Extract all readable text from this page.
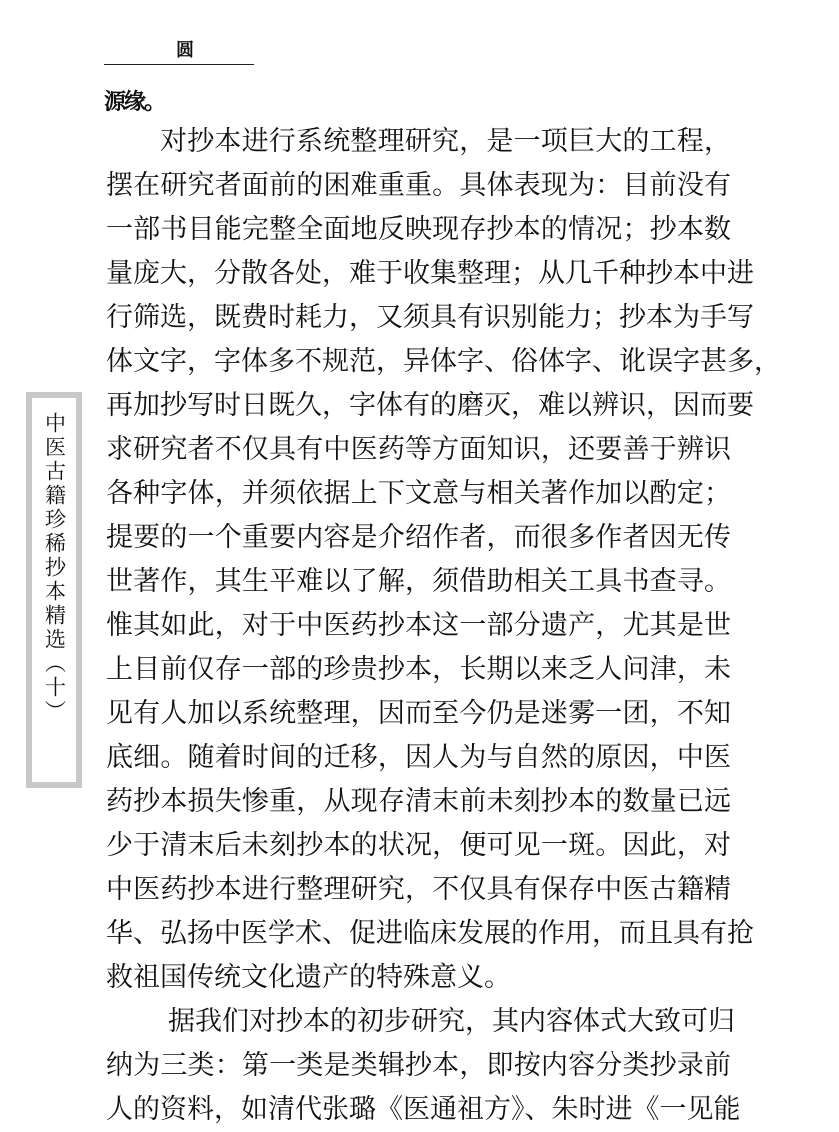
圆
源缘。
对抄本进行系统整理研究，是一项巨大的工程，
摆在研究者面前的困难重重。具体表现为：目前没有
一部书目能完整全面地反映现存抄本的情况；抄本数
量庞大，分散各处，难于收集整理；从几千种抄本中进
行筛选，既费时耗力，又须具有识别能力；抄本为手写
体文字，字体多不规范，异体字、俗体字、讹误字甚多，
再加抄写时日既久，字体有的磨灭，难以辨识，因而要
求研究者不仅具有中医药等方面知识，还要善于辨识
各种字体，并须依据上下文意与相关著作加以酌定；
提要的一个重要内容是介绍作者，而很多作者因无传
世著作，其生平难以了解，须借助相关工具书查寻。
惟其如此，对于中医药抄本这一部分遗产，尤其是世
上目前仅存一部的珍贵抄本，长期以来乏人问津，未
见有人加以系统整理，因而至今仍是迷雾一团，不知
底细。随着时间的迁移，因人为与自然的原因，中医
药抄本损失惨重，从现存清末前未刻抄本的数量已远
少于清末后未刻抄本的状况，便可见一斑。因此，对
中医药抄本进行整理研究，不仅具有保存中医古籍精
华、弘扬中医学术、促进临床发展的作用，而且具有抢
救祖国传统文化遗产的特殊意义。
据我们对抄本的初步研究，其内容体式大致可归
纳为三类：第一类是类辑抄本，即按内容分类抄录前
人的资料，如清代张璐《医通祖方》、朱时进《一见能
中医古籍珍稀抄本精选（十）
